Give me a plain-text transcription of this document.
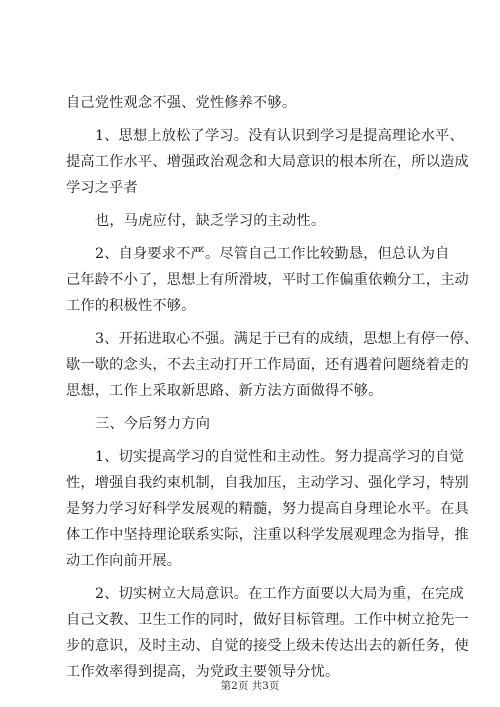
自己党性观念不强、党性修养不够。
1、思想上放松了学习。没有认识到学习是提高理论水平、
提高工作水平、增强政治观念和大局意识的根本所在，所以造成
学习之乎者
也，马虎应付，缺乏学习的主动性。
2、自身要求不严。尽管自己工作比较勤恳，但总认为自
己年龄不小了，思想上有所滑坡，平时工作偏重依赖分工，主动
工作的积极性不够。
3、开拓进取心不强。满足于已有的成绩，思想上有停一停、
歇一歇的念头，不去主动打开工作局面，还有遇着问题绕着走的
思想，工作上采取新思路、新方法方面做得不够。
三、今后努力方向
1、切实提高学习的自觉性和主动性。努力提高学习的自觉
性，增强自我约束机制，自我加压，主动学习、强化学习，特别
是努力学习好科学发展观的精髓，努力提高自身理论水平。在具
体工作中坚持理论联系实际，注重以科学发展观理念为指导，推
动工作向前开展。
2、切实树立大局意识。在工作方面要以大局为重，在完成
自己文教、卫生工作的同时，做好目标管理。工作中树立抢先一
步的意识，及时主动、自觉的接受上级未传达出去的新任务，使
工作效率得到提高，为党政主要领导分忧。
第2页 共3页
